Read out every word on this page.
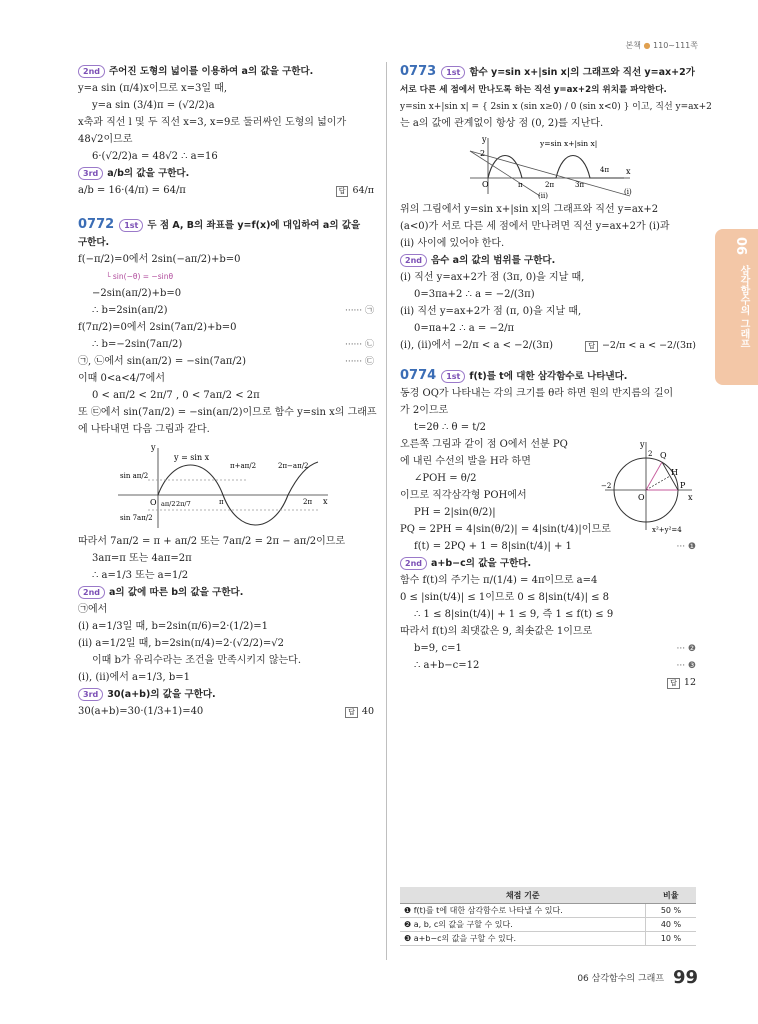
본책 ● 110~111쪽
06
삼각함수의 그래프
2nd 주어진 도형의 넓이를 이용하여 a의 값을 구한다.
y=a sin (π/4)x이므로 x=3일 때,
y=a sin (3/4)π = (√2/2)a
x축과 직선 l 및 두 직선 x=3, x=9로 둘러싸인 도형의 넓이가
48√2이므로
6·(√2/2)a = 48√2 ∴ a=16
3rd a/b의 값을 구한다.
a/b = 16·(4/π) = 64/π	답 64/π
0772 1st 두 점 A, B의 좌표를 y=f(x)에 대입하여 a의 값을
구한다.
f(−π/2)=0에서 2sin(−aπ/2)+b=0
└ sin(−θ) = −sinθ
−2sin(aπ/2)+b=0
∴ b=2sin(aπ/2)	······ ㉠
f(7π/2)=0에서 2sin(7aπ/2)+b=0
∴ b=−2sin(7aπ/2)	······ ㉡
㉠, ㉡에서 sin(aπ/2) = −sin(7aπ/2)	······ ㉢
이때 0<a<4/7에서
0 < aπ/2 < 2π/7 , 0 < 7aπ/2 < 2π
또 ㉢에서 sin(7aπ/2) = −sin(aπ/2)이므로 함수 y=sin x의 그래프
에 나타내면 다음 그림과 같다.
y
x
O
y = sin x
π	2π
π+aπ/2	2π−aπ/2
sin aπ/2
sin 7aπ/2
aπ/2 2π/7
따라서 7aπ/2 = π + aπ/2 또는 7aπ/2 = 2π − aπ/2이므로
3aπ=π 또는 4aπ=2π
∴ a=1/3 또는 a=1/2
2nd a의 값에 따른 b의 값을 구한다.
㉠에서
(i) a=1/3일 때, b=2sin(π/6)=2·(1/2)=1
(ii) a=1/2일 때, b=2sin(π/4)=2·(√2/2)=√2
이때 b가 유리수라는 조건을 만족시키지 않는다.
(i), (ii)에서 a=1/3, b=1
3rd 30(a+b)의 값을 구한다.
30(a+b)=30·(1/3+1)=40	답 40
0773 1st 함수 y=sin x+|sin x|의 그래프와 직선 y=ax+2가
서로 다른 세 점에서 만나도록 하는 직선 y=ax+2의 위치를 파악한다.
y=sin x+|sin x| = { 2sin x (sin x≥0) / 0 (sin x<0) } 이고, 직선 y=ax+2
는 a의 값에 관계없이 항상 점 (0, 2)를 지난다.
y
2
O	π	2π	3π
4π x
y=sin x+|sin x|
(i)
(ii)
위의 그림에서 y=sin x+|sin x|의 그래프와 직선 y=ax+2
(a<0)가 서로 다른 세 점에서 만나려면 직선 y=ax+2가 (i)과
(ii) 사이에 있어야 한다.
2nd 음수 a의 값의 범위를 구한다.
(i) 직선 y=ax+2가 점 (3π, 0)을 지날 때,
0=3πa+2 ∴ a = −2/(3π)
(ii) 직선 y=ax+2가 점 (π, 0)을 지날 때,
0=πa+2 ∴ a = −2/π
(i), (ii)에서 −2/π < a < −2/(3π)	답 −2/π < a < −2/(3π)
0774 1st f(t)를 t에 대한 삼각함수로 나타낸다.
동경 OQ가 나타내는 각의 크기를 θ라 하면 원의 반지름의 길이
가 2이므로
t=2θ ∴ θ = t/2
y
x
O
2
−2
Q
H
P
x²+y²=4
오른쪽 그림과 같이 점 O에서 선분 PQ
에 내린 수선의 발을 H라 하면
∠POH = θ/2
이므로 직각삼각형 POH에서
PH = 2|sin(θ/2)|
PQ = 2PH = 4|sin(θ/2)| = 4|sin(t/4)|이므로
f(t) = 2PQ + 1 = 8|sin(t/4)| + 1	··· ❶
2nd a+b−c의 값을 구한다.
함수 f(t)의 주기는 π/(1/4) = 4π이므로 a=4
0 ≤ |sin(t/4)| ≤ 1이므로 0 ≤ 8|sin(t/4)| ≤ 8
∴ 1 ≤ 8|sin(t/4)| + 1 ≤ 9, 즉 1 ≤ f(t) ≤ 9
따라서 f(t)의 최댓값은 9, 최솟값은 1이므로
b=9, c=1	··· ❷
∴ a+b−c=12	··· ❸
답 12

채점 기준	비율
❶ f(t)를 t에 대한 삼각함수로 나타낼 수 있다.	50 %
❷ a, b, c의 값을 구할 수 있다.	40 %
❸ a+b−c의 값을 구할 수 있다.	10 %
06 삼각함수의 그래프 99
